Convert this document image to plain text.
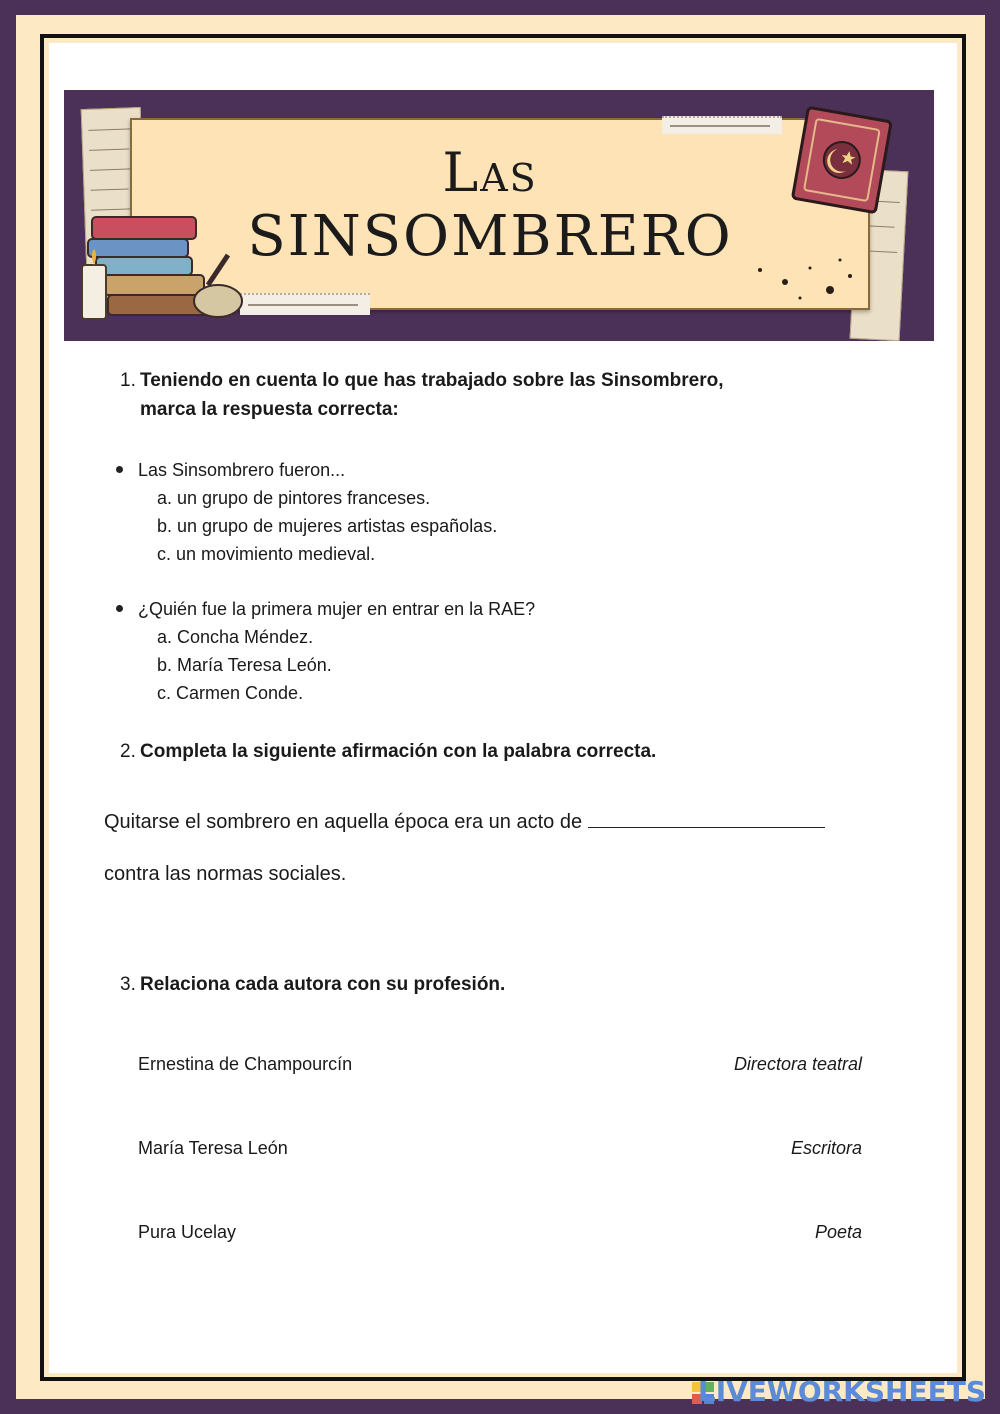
Las
SINSOMBRERO
1. Teniendo en cuenta lo que has trabajado sobre las Sinsombrero,
marca la respuesta correcta:
Las Sinsombrero fueron...
a. un grupo de pintores franceses.
b. un grupo de mujeres artistas españolas.
c. un movimiento medieval.
¿Quién fue la primera mujer en entrar en la RAE?
a. Concha Méndez.
b. María Teresa León.
c. Carmen Conde.
2. Completa la siguiente afirmación con la palabra correcta.
Quitarse el sombrero en aquella época era un acto de
contra las normas sociales.
3. Relaciona cada autora con su profesión.
Ernestina de Champourcín	Directora teatral
María Teresa León	Escritora
Pura Ucelay	Poeta
LIVEWORKSHEETS
